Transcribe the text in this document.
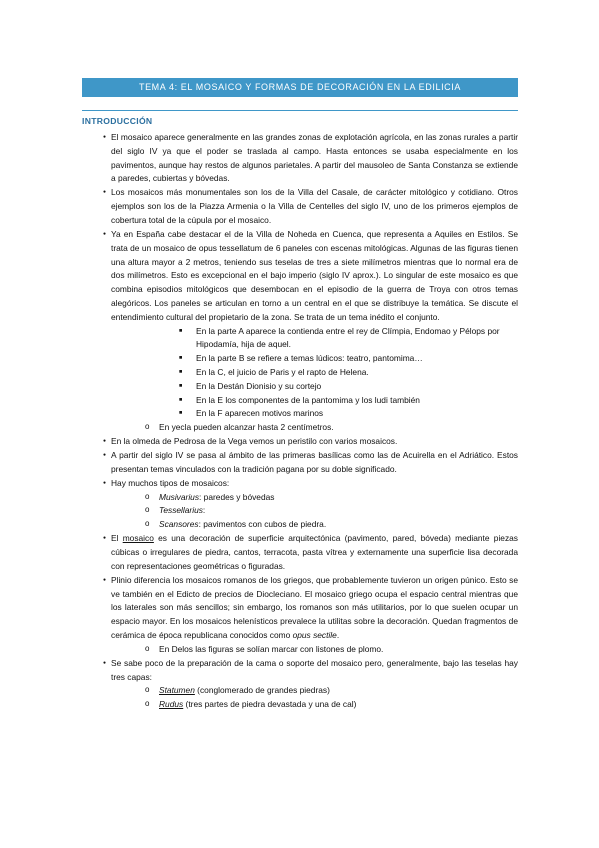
TEMA 4: EL MOSAICO Y FORMAS DE DECORACIÓN EN LA EDILICIA
INTRODUCCIÓN
● El mosaico aparece generalmente en las grandes zonas de explotación agrícola, en las zonas rurales a partir del siglo IV ya que el poder se traslada al campo. Hasta entonces se usaba especialmente en los pavimentos, aunque hay restos de algunos parietales. A partir del mausoleo de Santa Constanza se extiende a paredes, cubiertas y bóvedas.
● Los mosaicos más monumentales son los de la Villa del Casale, de carácter mitológico y cotidiano. Otros ejemplos son los de la Piazza Armenia o la Villa de Centelles del siglo IV, uno de los primeros ejemplos de cobertura total de la cúpula por el mosaico.
● Ya en España cabe destacar el de la Villa de Noheda en Cuenca, que representa a Aquiles en Estilos. Se trata de un mosaico de opus tessellatum de 6 paneles con escenas mitológicas. Algunas de las figuras tienen una altura mayor a 2 metros, teniendo sus teselas de tres a siete milímetros mientras que lo normal era de dos milímetros. Esto es excepcional en el bajo imperio (siglo IV aprox.). Lo singular de este mosaico es que combina episodios mitológicos que desembocan en el episodio de la guerra de Troya con otros temas alegóricos. Los paneles se articulan en torno a un central en el que se distribuye la temática. Se discute el entendimiento cultural del propietario de la zona. Se trata de un tema inédito el conjunto.
■ En la parte A aparece la contienda entre el rey de Clímpia, Endomao y Pélops por Hipodamía, hija de aquel.
■ En la parte B se refiere a temas lúdicos: teatro, pantomima…
■ En la C, el juicio de Paris y el rapto de Helena.
■ En la Destán Dionisio y su cortejo
■ En la E los componentes de la pantomima y los ludi también
■ En la F aparecen motivos marinos
o En yecla pueden alcanzar hasta 2 centímetros.
● En la olmeda de Pedrosa de la Vega vemos un peristilo con varios mosaicos.
● A partir del siglo IV se pasa al ámbito de las primeras basílicas como las de Acuirella en el Adriático. Estos presentan temas vinculados con la tradición pagana por su doble significado.
● Hay muchos tipos de mosaicos:
o Musivarius: paredes y bóvedas
o Tessellarius:
o Scansores: pavimentos con cubos de piedra.
● El mosaico es una decoración de superficie arquitectónica (pavimento, pared, bóveda) mediante piezas cúbicas o irregulares de piedra, cantos, terracota, pasta vítrea y externamente una superficie lisa decorada con representaciones geométricas o figuradas.
● Plinio diferencia los mosaicos romanos de los griegos, que probablemente tuvieron un origen púnico. Esto se ve también en el Edicto de precios de Diocleciano. El mosaico griego ocupa el espacio central mientras que los laterales son más sencillos; sin embargo, los romanos son más utilitarios, por lo que suelen ocupar un espacio mayor. En los mosaicos helenísticos prevalece la utilitas sobre la decoración. Quedan fragmentos de cerámica de época republicana conocidos como opus sectile.
o En Delos las figuras se solían marcar con listones de plomo.
● Se sabe poco de la preparación de la cama o soporte del mosaico pero, generalmente, bajo las teselas hay tres capas:
o Statumen (conglomerado de grandes piedras)
o Rudus (tres partes de piedra devastada y una de cal)
